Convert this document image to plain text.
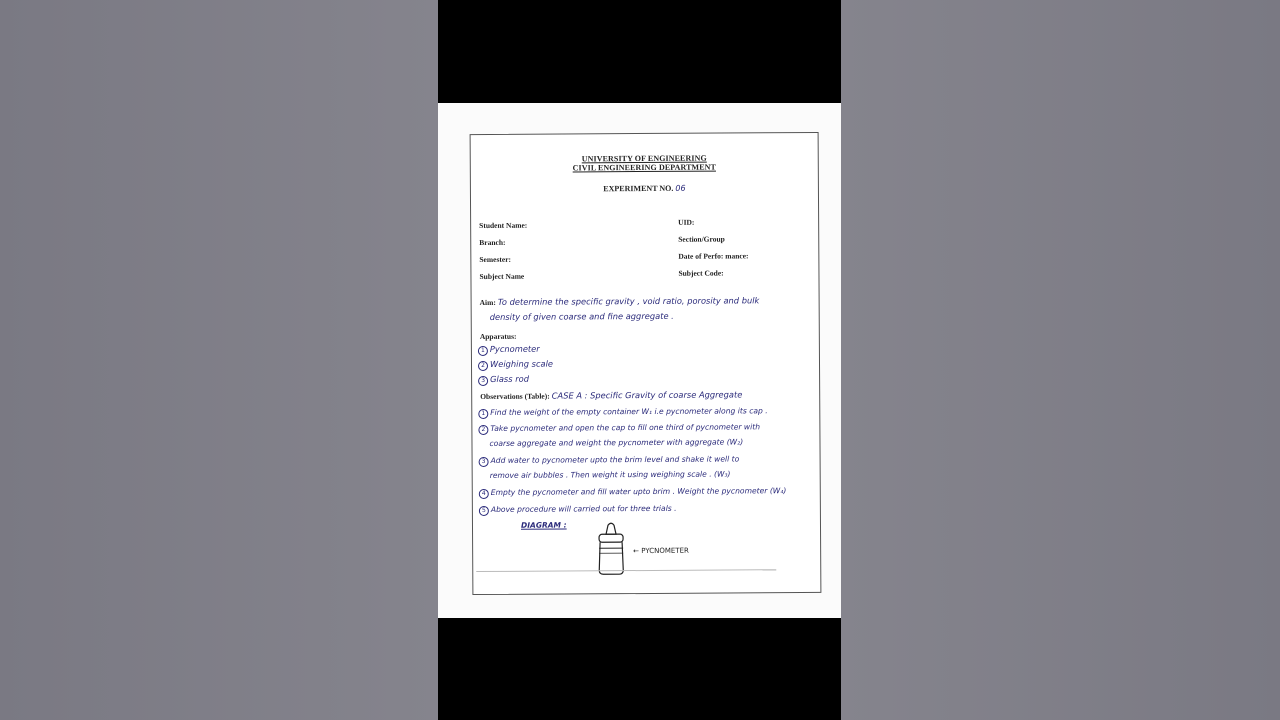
UNIVERSITY OF ENGINEERING
CIVIL ENGINEERING DEPARTMENT
EXPERIMENT NO. 06
Student Name:	UID:
Branch:	Section/Group
Semester:	Date of Perfo: mance:
Subject Name	Subject Code:
Aim: To determine the specific gravity , void ratio, porosity and bulk
density of given coarse and fine aggregate .
Apparatus:
1 Pycnometer
2 Weighing scale
3 Glass rod
Observations (Table): CASE A : Specific Gravity of coarse Aggregate
1 Find the weight of the empty container W₁ i.e pycnometer along its cap .
2 Take pycnometer and open the cap to fill one third of pycnometer with
coarse aggregate and weight the pycnometer with aggregate (W₂)
3 Add water to pycnometer upto the brim level and shake it well to
remove air bubbles . Then weight it using weighing scale . (W₃)
4 Empty the pycnometer and fill water upto brim . Weight the pycnometer (W₄)
5 Above procedure will carried out for three trials .
DIAGRAM :
← PYCNOMETER
